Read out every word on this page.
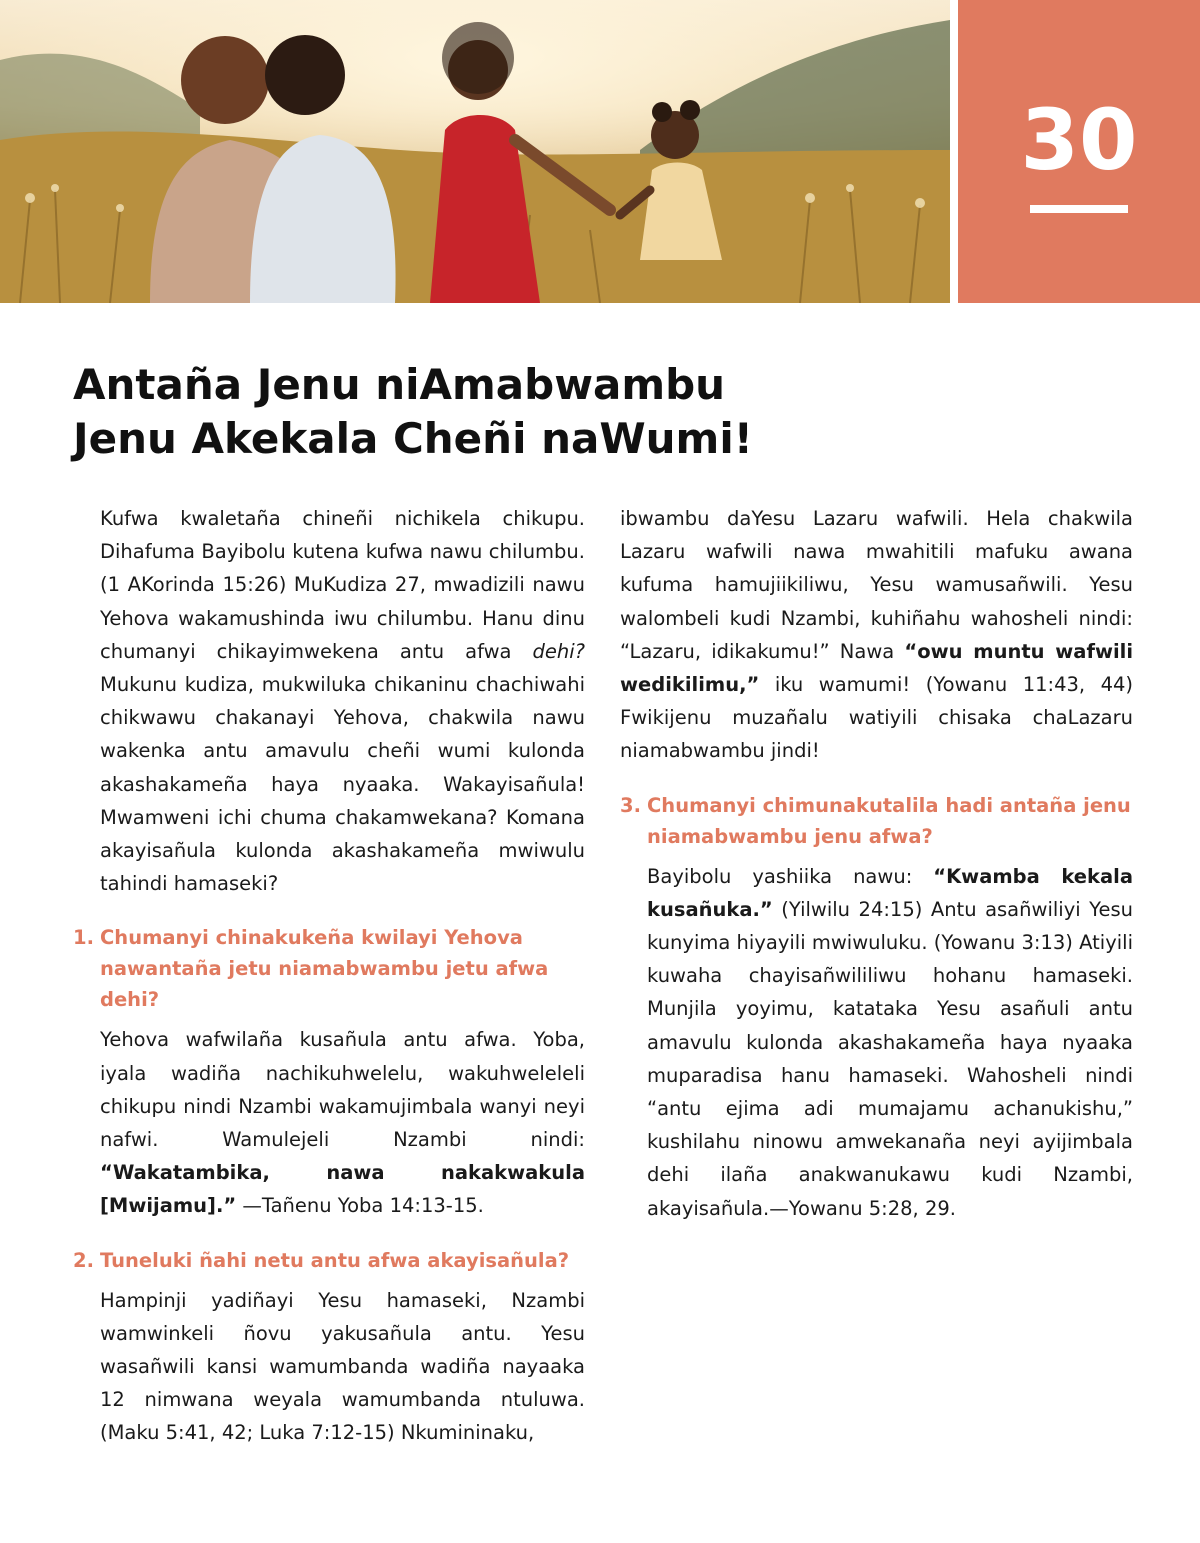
30
Antaña Jenu niAmabwambu
Jenu Akekala Cheñi naWumi!

Kufwa kwaletaña chineñi nichikela chikupu. Dihafuma Bayibolu kutena kufwa nawu chilumbu. (1 AKorinda 15:26) MuKudiza 27, mwadizili nawu Yehova wakamushinda iwu chilumbu. Hanu dinu chumanyi chikayimwekena antu afwa dehi? Mukunu kudiza, mukwiluka chikaninu chachiwahi chikwawu chakanayi Yehova, chakwila nawu wakenka antu amavulu cheñi wumi kulonda akashakameña haya nyaaka. Wakayisañula! Mwamweni ichi chuma chakamwekana? Komana akayisañula kulonda akashakameña mwiwulu tahindi hamaseki?

1. Chumanyi chinakukeña kwilayi Yehova nawantaña jetu niamabwambu jetu afwa dehi?

Yehova wafwilaña kusañula antu afwa. Yoba, iyala wadiña nachikuhwelelu, wakuhweleleli chikupu nindi Nzambi wakamujimbala wanyi neyi nafwi. Wamulejeli Nzambi nindi: “Wakatambika, nawa nakakwakula [Mwijamu].” —Tañenu Yoba 14:13-15.

2. Tuneluki ñahi netu antu afwa akayisañula?

Hampinji yadiñayi Yesu hamaseki, Nzambi wamwinkeli ñovu yakusañula antu. Yesu wasañwili kansi wamumbanda wadiña nayaaka 12 nimwana weyala wamumbanda ntuluwa. (Maku 5:41, 42; Luka 7:12-15) Nkumininaku,

ibwambu daYesu Lazaru wafwili. Hela chakwila Lazaru wafwili nawa mwahitili mafuku awana kufuma hamujiikiliwu, Yesu wamusañwili. Yesu walombeli kudi Nzambi, kuhiñahu wahosheli nindi: “Lazaru, idikakumu!” Nawa “owu muntu wafwili wedikilimu,” iku wamumi! (Yowanu 11:43, 44) Fwikijenu muzañalu watiyili chisaka chaLazaru niamabwambu jindi!

3. Chumanyi chimunakutalila hadi antaña jenu niamabwambu jenu afwa?

Bayibolu yashiika nawu: “Kwamba kekala kusañuka.” (Yilwilu 24:15) Antu asañwiliyi Yesu kunyima hiyayili mwiwuluku. (Yowanu 3:13) Atiyili kuwaha chayisañwililiwu hohanu hamaseki. Munjila yoyimu, katataka Yesu asañuli antu amavulu kulonda akashakameña haya nyaaka muparadisa hanu hamaseki. Wahosheli nindi “antu ejima adi mumajamu achanukishu,” kushilahu ninowu amwekanaña neyi ayijimbala dehi ilaña anakwanukawu kudi Nzambi, akayisañula.—Yowanu 5:28, 29.
